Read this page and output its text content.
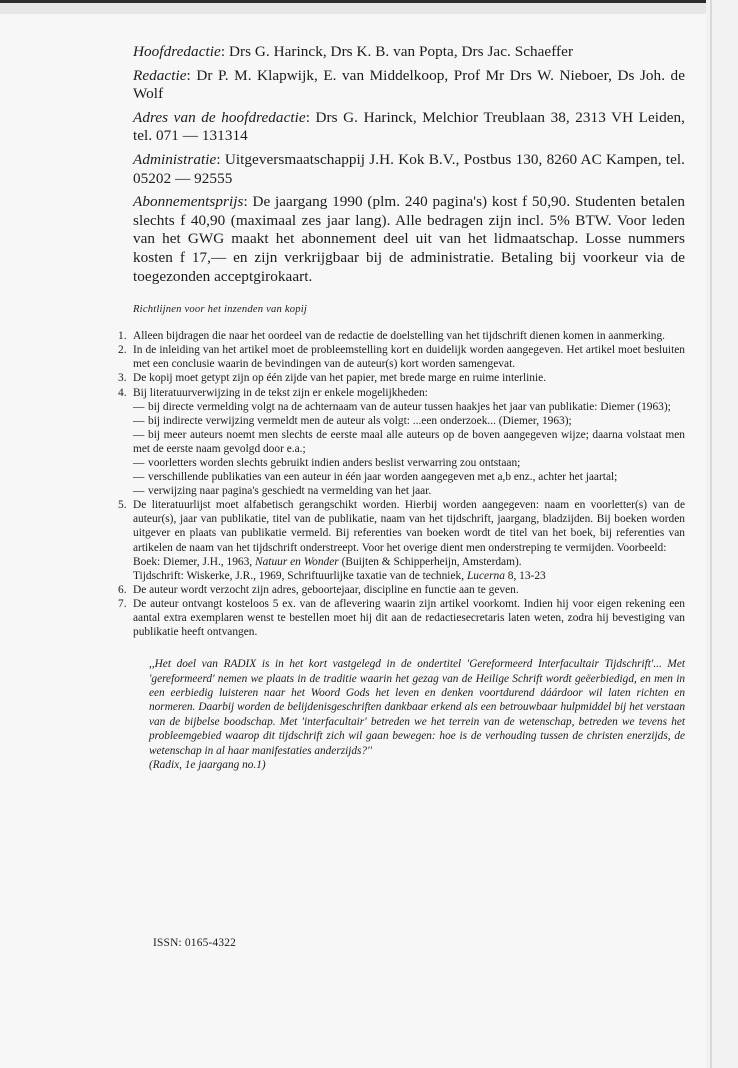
Hoofdredactie: Drs G. Harinck, Drs K. B. van Popta, Drs Jac. Schaeffer

Redactie: Dr P. M. Klapwijk, E. van Middelkoop, Prof Mr Drs W. Nieboer, Ds Joh. de Wolf

Adres van de hoofdredactie: Drs G. Harinck, Melchior Treublaan 38, 2313 VH Leiden, tel. 071 — 131314

Administratie: Uitgeversmaatschappij J.H. Kok B.V., Postbus 130, 8260 AC Kampen, tel. 05202 — 92555

Abonnementsprijs: De jaargang 1990 (plm. 240 pagina's) kost f 50,90. Studenten betalen slechts f 40,90 (maximaal zes jaar lang). Alle bedragen zijn incl. 5% BTW. Voor leden van het GWG maakt het abonnement deel uit van het lidmaatschap. Losse nummers kosten f 17,— en zijn verkrijgbaar bij de administratie. Betaling bij voorkeur via de toegezonden acceptgirokaart.

Richtlijnen voor het inzenden van kopij
1. Alleen bijdragen die naar het oordeel van de redactie de doelstelling van het tijdschrift dienen komen in aanmerking.
2. In de inleiding van het artikel moet de probleemstelling kort en duidelijk worden aangegeven. Het artikel moet besluiten met een conclusie waarin de bevindingen van de auteur(s) kort worden samengevat.
3. De kopij moet getypt zijn op één zijde van het papier, met brede marge en ruime interlinie.
4. Bij literatuurverwijzing in de tekst zijn er enkele mogelijkheden:
— bij directe vermelding volgt na de achternaam van de auteur tussen haakjes het jaar van publikatie: Diemer (1963);
— bij indirecte verwijzing vermeldt men de auteur als volgt: ...een onderzoek... (Diemer, 1963);
— bij meer auteurs noemt men slechts de eerste maal alle auteurs op de boven aangegeven wijze; daarna volstaat men met de eerste naam gevolgd door e.a.;
— voorletters worden slechts gebruikt indien anders beslist verwarring zou ontstaan;
— verschillende publikaties van een auteur in één jaar worden aangegeven met a,b enz., achter het jaartal;
— verwijzing naar pagina's geschiedt na vermelding van het jaar.
5. De literatuurlijst moet alfabetisch gerangschikt worden. Hierbij worden aangegeven: naam en voorletter(s) van de auteur(s), jaar van publikatie, titel van de publikatie, naam van het tijdschrift, jaargang, bladzijden. Bij boeken worden uitgever en plaats van publikatie vermeld. Bij referenties van boeken wordt de titel van het boek, bij referenties van artikelen de naam van het tijdschrift onderstreept. Voor het overige dient men onderstreping te vermijden. Voorbeeld:
Boek: Diemer, J.H., 1963, Natuur en Wonder (Buijten & Schipperheijn, Amsterdam).
Tijdschrift: Wiskerke, J.R., 1969, Schriftuurlijke taxatie van de techniek, Lucerna 8, 13-23
6. De auteur wordt verzocht zijn adres, geboortejaar, discipline en functie aan te geven.
7. De auteur ontvangt kosteloos 5 ex. van de aflevering waarin zijn artikel voorkomt. Indien hij voor eigen rekening een aantal extra exemplaren wenst te bestellen moet hij dit aan de redactiesecretaris laten weten, zodra hij bevestiging van publikatie heeft ontvangen.
,,Het doel van RADIX is in het kort vastgelegd in de ondertitel 'Gereformeerd Interfacultair Tijdschrift'... Met 'gereformeerd' nemen we plaats in de traditie waarin het gezag van de Heilige Schrift wordt geëerbiedigd, en men in een eerbiedig luisteren naar het Woord Gods het leven en denken voortdurend dáárdoor wil laten richten en normeren. Daarbij worden de belijdenisgeschriften dankbaar erkend als een betrouwbaar hulpmiddel bij het verstaan van de bijbelse boodschap. Met 'interfacultair' betreden we het terrein van de wetenschap, betreden we tevens het probleemgebied waarop dit tijdschrift zich wil gaan bewegen: hoe is de verhouding tussen de christen enerzijds, de wetenschap in al haar manifestaties anderzijds?''
(Radix, 1e jaargang no.1)
ISSN: 0165-4322
